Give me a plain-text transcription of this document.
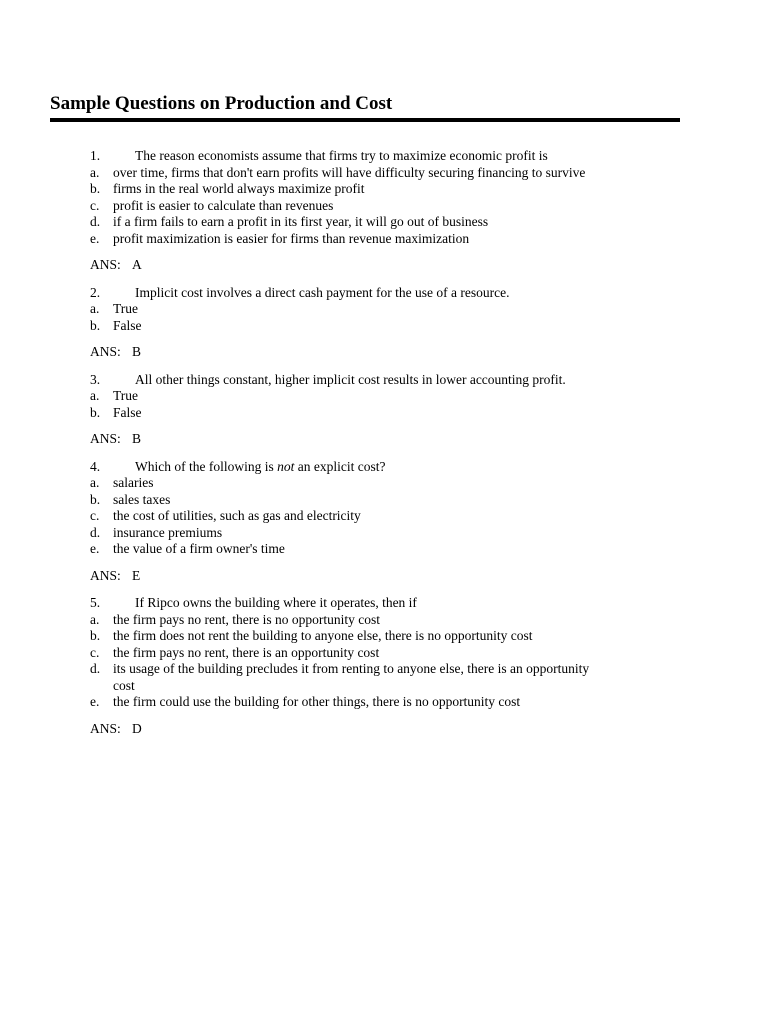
Sample Questions on Production and Cost
1.	The reason economists assume that firms try to maximize economic profit is
a.	over time, firms that don't earn profits will have difficulty securing financing to survive
b. firms in the real world always maximize profit
c.	profit is easier to calculate than revenues
d. if a firm fails to earn a profit in its first year, it will go out of business
e.	profit maximization is easier for firms than revenue maximization
ANS: A
2.	Implicit cost involves a direct cash payment for the use of a resource.
a.	True
b. False
ANS: B
3.	All other things constant, higher implicit cost results in lower accounting profit.
a.	True
b. False
ANS: B
4.	Which of the following is not an explicit cost?
a.	salaries
b. sales taxes
c.	the cost of utilities, such as gas and electricity
d. insurance premiums
e.	the value of a firm owner's time
ANS: E
5.	If Ripco owns the building where it operates, then if
a.	the firm pays no rent, there is no opportunity cost
b. the firm does not rent the building to anyone else, there is no opportunity cost
c.	the firm pays no rent, there is an opportunity cost
d. its usage of the building precludes it from renting to anyone else, there is an opportunity cost
e.	the firm could use the building for other things, there is no opportunity cost
ANS: D
